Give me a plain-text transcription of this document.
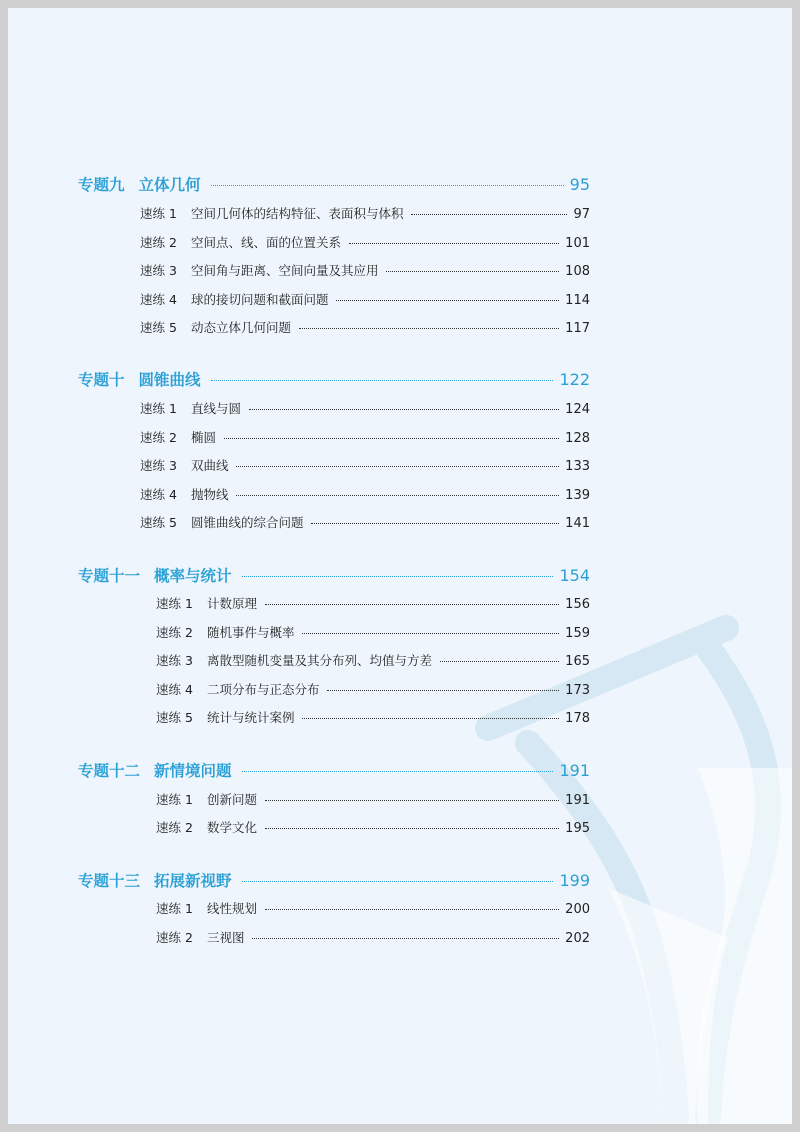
专题九 立体几何	95
速练 1 空间几何体的结构特征、表面积与体积	97
速练 2 空间点、线、面的位置关系	101
速练 3 空间角与距离、空间向量及其应用	108
速练 4 球的接切问题和截面问题	114
速练 5 动态立体几何问题	117
专题十 圆锥曲线	122
速练 1 直线与圆	124
速练 2 椭圆	128
速练 3 双曲线	133
速练 4 抛物线	139
速练 5 圆锥曲线的综合问题	141
专题十一 概率与统计	154
速练 1 计数原理	156
速练 2 随机事件与概率	159
速练 3 离散型随机变量及其分布列、均值与方差	165
速练 4 二项分布与正态分布	173
速练 5 统计与统计案例	178
专题十二 新情境问题	191
速练 1 创新问题	191
速练 2 数学文化	195
专题十三 拓展新视野	199
速练 1 线性规划	200
速练 2 三视图	202
